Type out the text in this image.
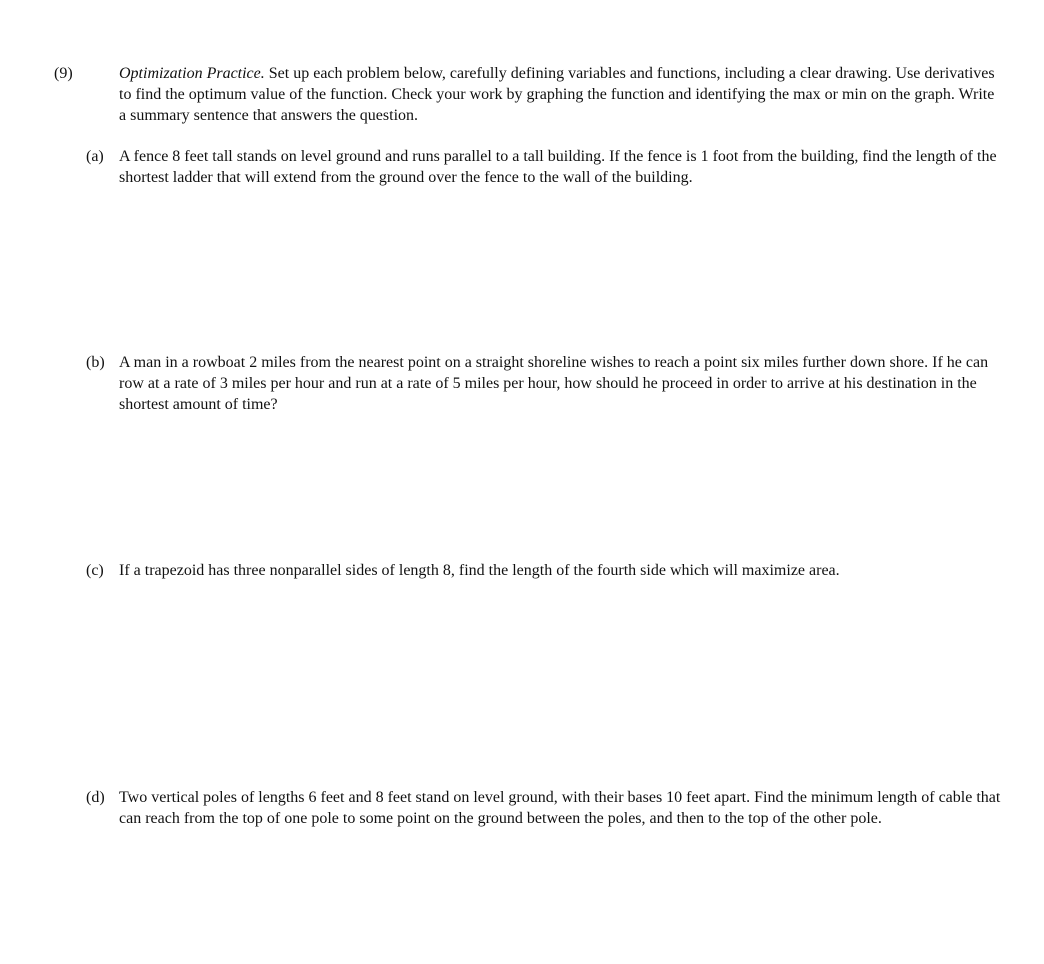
(9)	Optimization Practice. Set up each problem below, carefully defining variables and functions, including a clear drawing. Use derivatives to find the optimum value of the function. Check your work by graphing the function and identifying the max or min on the graph. Write a summary sentence that answers the question.
(a) A fence 8 feet tall stands on level ground and runs parallel to a tall building. If the fence is 1 foot from the building, find the length of the shortest ladder that will extend from the ground over the fence to the wall of the building.
(b) A man in a rowboat 2 miles from the nearest point on a straight shoreline wishes to reach a point six miles further down shore. If he can row at a rate of 3 miles per hour and run at a rate of 5 miles per hour, how should he proceed in order to arrive at his destination in the shortest amount of time?
(c) If a trapezoid has three nonparallel sides of length 8, find the length of the fourth side which will maximize area.
(d) Two vertical poles of lengths 6 feet and 8 feet stand on level ground, with their bases 10 feet apart. Find the minimum length of cable that can reach from the top of one pole to some point on the ground between the poles, and then to the top of the other pole.
